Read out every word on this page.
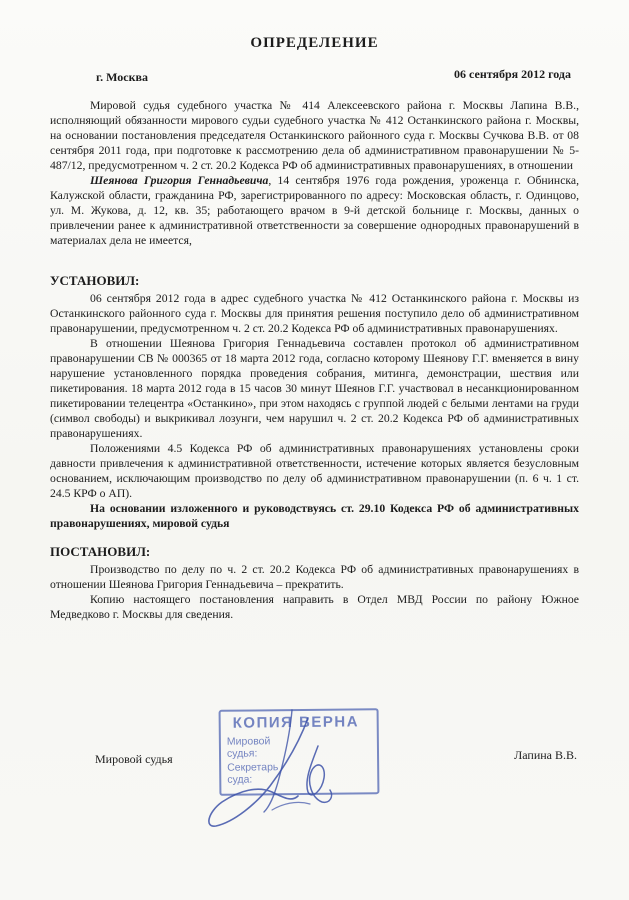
ОПРЕДЕЛЕНИЕ
г. Москва	06 сентября 2012 года

Мировой судья судебного участка № 414 Алексеевского района г. Москвы Лапина В.В., исполняющий обязанности мирового судьи судебного участка № 412 Останкинского района г. Москвы, на основании постановления председателя Останкинского районного суда г. Москвы Сучкова В.В. от 08 сентября 2011 года, при подготовке к рассмотрению дела об административном правонарушении № 5-487/12, предусмотренном ч. 2 ст. 20.2 Кодекса РФ об административных правонарушениях, в отношении

Шеянова Григория Геннадьевича, 14 сентября 1976 года рождения, уроженца г. Обнинска, Калужской области, гражданина РФ, зарегистрированного по адресу: Московская область, г. Одинцово, ул. М. Жукова, д. 12, кв. 35; работающего врачом в 9-й детской больнице г. Москвы, данных о привлечении ранее к административной ответственности за совершение однородных правонарушений в материалах дела не имеется,

УСТАНОВИЛ:

06 сентября 2012 года в адрес судебного участка № 412 Останкинского района г. Москвы из Останкинского районного суда г. Москвы для принятия решения поступило дело об административном правонарушении, предусмотренном ч. 2 ст. 20.2 Кодекса РФ об административных правонарушениях.

В отношении Шеянова Григория Геннадьевича составлен протокол об административном правонарушении СВ № 000365 от 18 марта 2012 года, согласно которому Шеянову Г.Г. вменяется в вину нарушение установленного порядка проведения собрания, митинга, демонстрации, шествия или пикетирования. 18 марта 2012 года в 15 часов 30 минут Шеянов Г.Г. участвовал в несанкционированном пикетировании телецентра «Останкино», при этом находясь с группой людей с белыми лентами на груди (символ свободы) и выкрикивал лозунги, чем нарушил ч. 2 ст. 20.2 Кодекса РФ об административных правонарушениях.

Положениями 4.5 Кодекса РФ об административных правонарушениях установлены сроки давности привлечения к административной ответственности, истечение которых является безусловным основанием, исключающим производство по делу об административном правонарушении (п. 6 ч. 1 ст. 24.5 КРФ о АП).

На основании изложенного и руководствуясь ст. 29.10 Кодекса РФ об административных правонарушениях, мировой судья

ПОСТАНОВИЛ:

Производство по делу по ч. 2 ст. 20.2 Кодекса РФ об административных правонарушениях в отношении Шеянова Григория Геннадьевича – прекратить.

Копию настоящего постановления направить в Отдел МВД России по району Южное Медведково г. Москвы для сведения.

КОПИЯ ВЕРНА
Мировой
судья:
Секретарь
суда:
Мировой судья	Лапина В.В.
